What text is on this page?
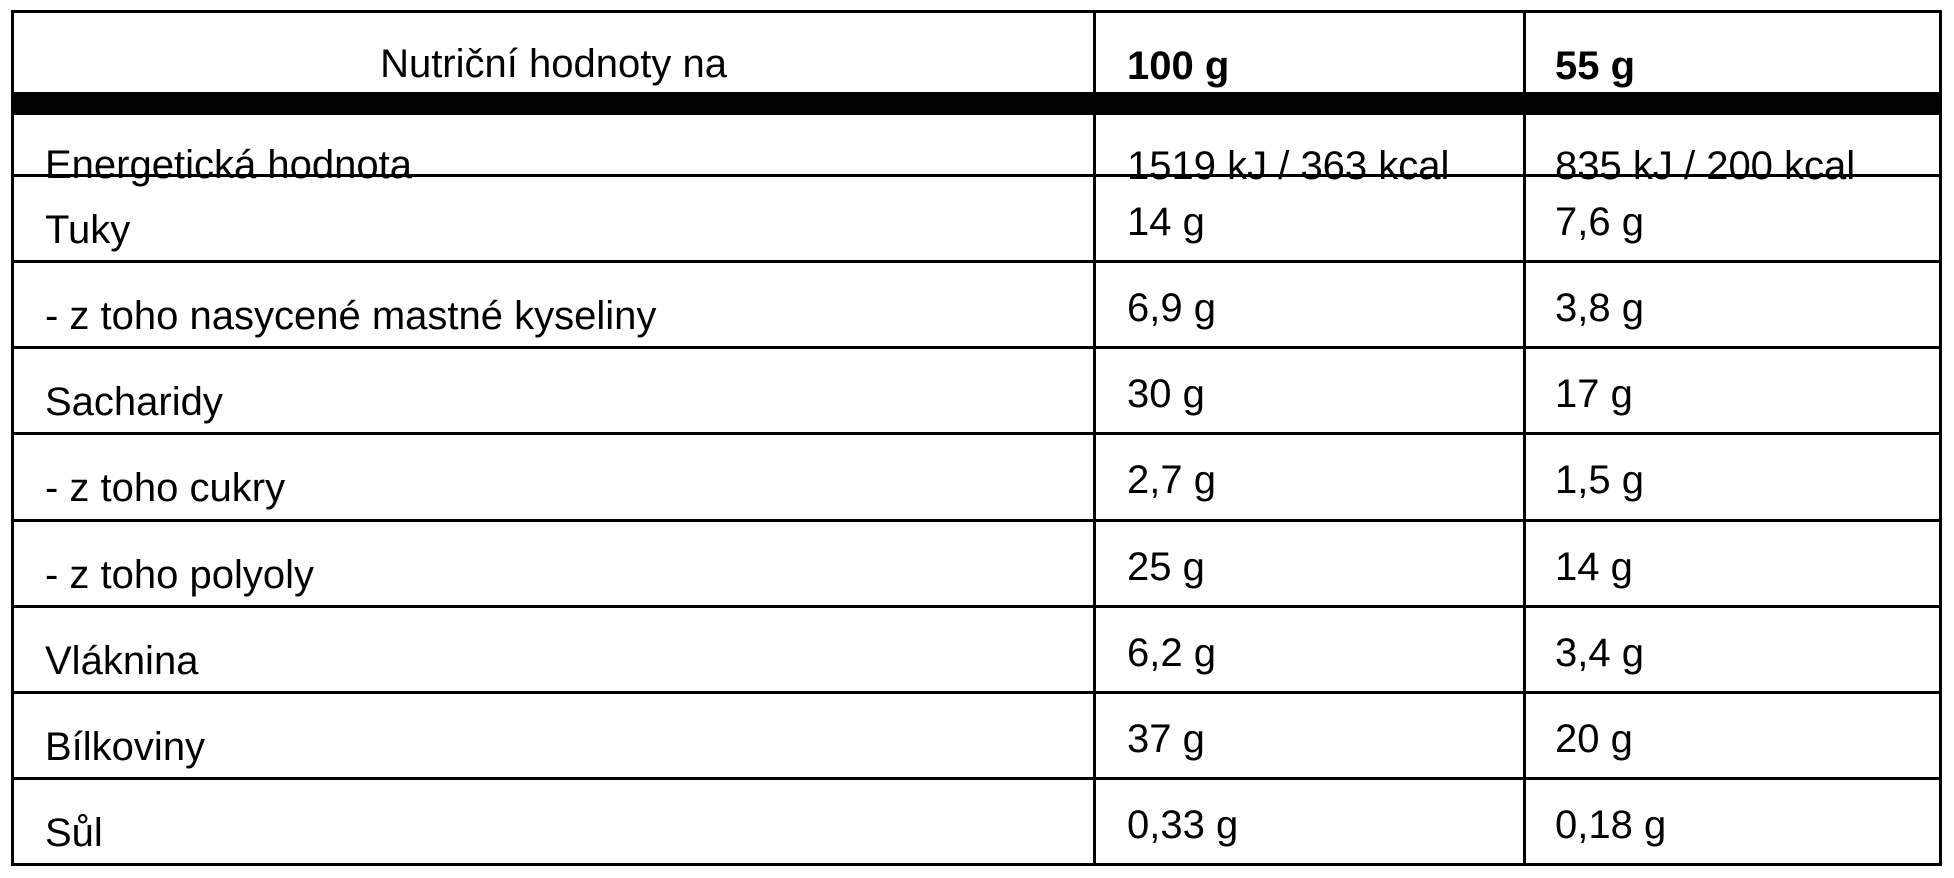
Nutriční hodnoty na	100 g	55 g
Energetická hodnota	1519 kJ / 363 kcal	835 kJ / 200 kcal
Tuky	14 g	7,6 g
- z toho nasycené mastné kyseliny	6,9 g	3,8 g
Sacharidy	30 g	17 g
- z toho cukry	2,7 g	1,5 g
- z toho polyoly	25 g	14 g
Vláknina	6,2 g	3,4 g
Bílkoviny	37 g	20 g
Sůl	0,33 g	0,18 g
